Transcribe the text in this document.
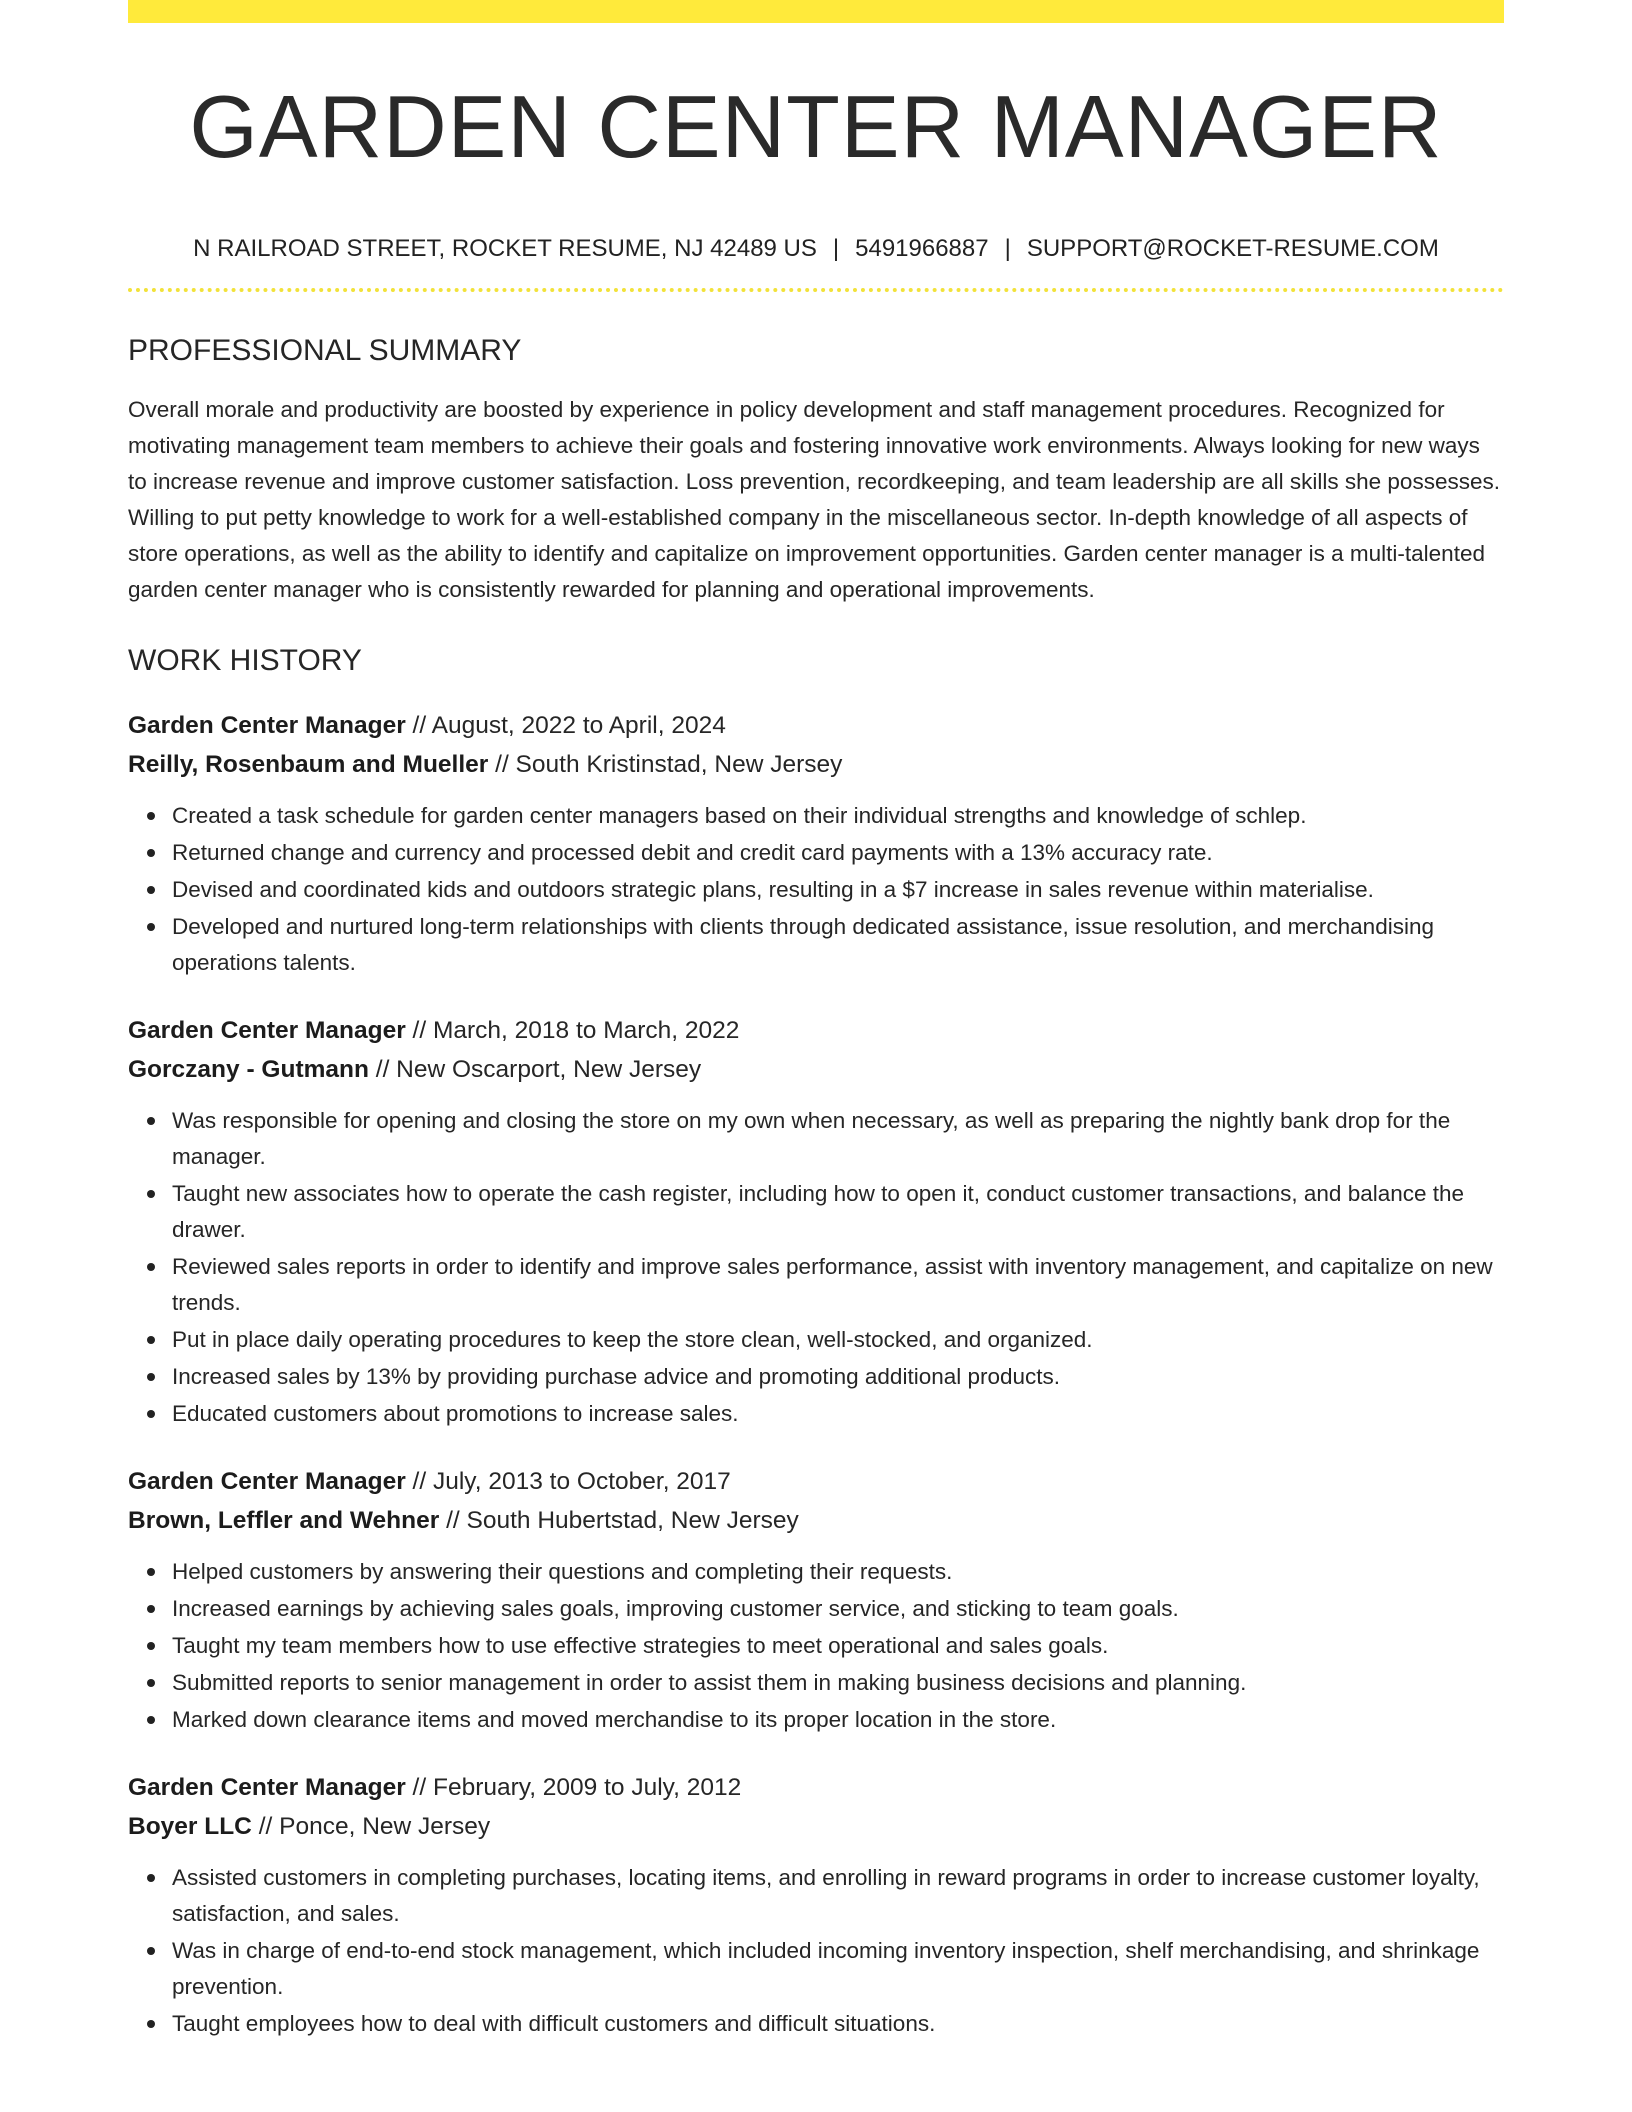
GARDEN CENTER MANAGER
N RAILROAD STREET, ROCKET RESUME, NJ 42489 US | 5491966887 | SUPPORT@ROCKET-RESUME.COM
PROFESSIONAL SUMMARY

Overall morale and productivity are boosted by experience in policy development and staff management procedures. Recognized for motivating management team members to achieve their goals and fostering innovative work environments. Always looking for new ways to increase revenue and improve customer satisfaction. Loss prevention, recordkeeping, and team leadership are all skills she possesses. Willing to put petty knowledge to work for a well-established company in the miscellaneous sector. In-depth knowledge of all aspects of store operations, as well as the ability to identify and capitalize on improvement opportunities. Garden center manager is a multi-talented garden center manager who is consistently rewarded for planning and operational improvements.

WORK HISTORY
Garden Center Manager // August, 2022 to April, 2024
Reilly, Rosenbaum and Mueller // South Kristinstad, New Jersey
Created a task schedule for garden center managers based on their individual strengths and knowledge of schlep.
Returned change and currency and processed debit and credit card payments with a 13% accuracy rate.
Devised and coordinated kids and outdoors strategic plans, resulting in a $7 increase in sales revenue within materialise.
Developed and nurtured long-term relationships with clients through dedicated assistance, issue resolution, and merchandising operations talents.
Garden Center Manager // March, 2018 to March, 2022
Gorczany - Gutmann // New Oscarport, New Jersey
Was responsible for opening and closing the store on my own when necessary, as well as preparing the nightly bank drop for the manager.
Taught new associates how to operate the cash register, including how to open it, conduct customer transactions, and balance the drawer.
Reviewed sales reports in order to identify and improve sales performance, assist with inventory management, and capitalize on new trends.
Put in place daily operating procedures to keep the store clean, well-stocked, and organized.
Increased sales by 13% by providing purchase advice and promoting additional products.
Educated customers about promotions to increase sales.
Garden Center Manager // July, 2013 to October, 2017
Brown, Leffler and Wehner // South Hubertstad, New Jersey
Helped customers by answering their questions and completing their requests.
Increased earnings by achieving sales goals, improving customer service, and sticking to team goals.
Taught my team members how to use effective strategies to meet operational and sales goals.
Submitted reports to senior management in order to assist them in making business decisions and planning.
Marked down clearance items and moved merchandise to its proper location in the store.
Garden Center Manager // February, 2009 to July, 2012
Boyer LLC // Ponce, New Jersey
Assisted customers in completing purchases, locating items, and enrolling in reward programs in order to increase customer loyalty, satisfaction, and sales.
Was in charge of end-to-end stock management, which included incoming inventory inspection, shelf merchandising, and shrinkage prevention.
Taught employees how to deal with difficult customers and difficult situations.
